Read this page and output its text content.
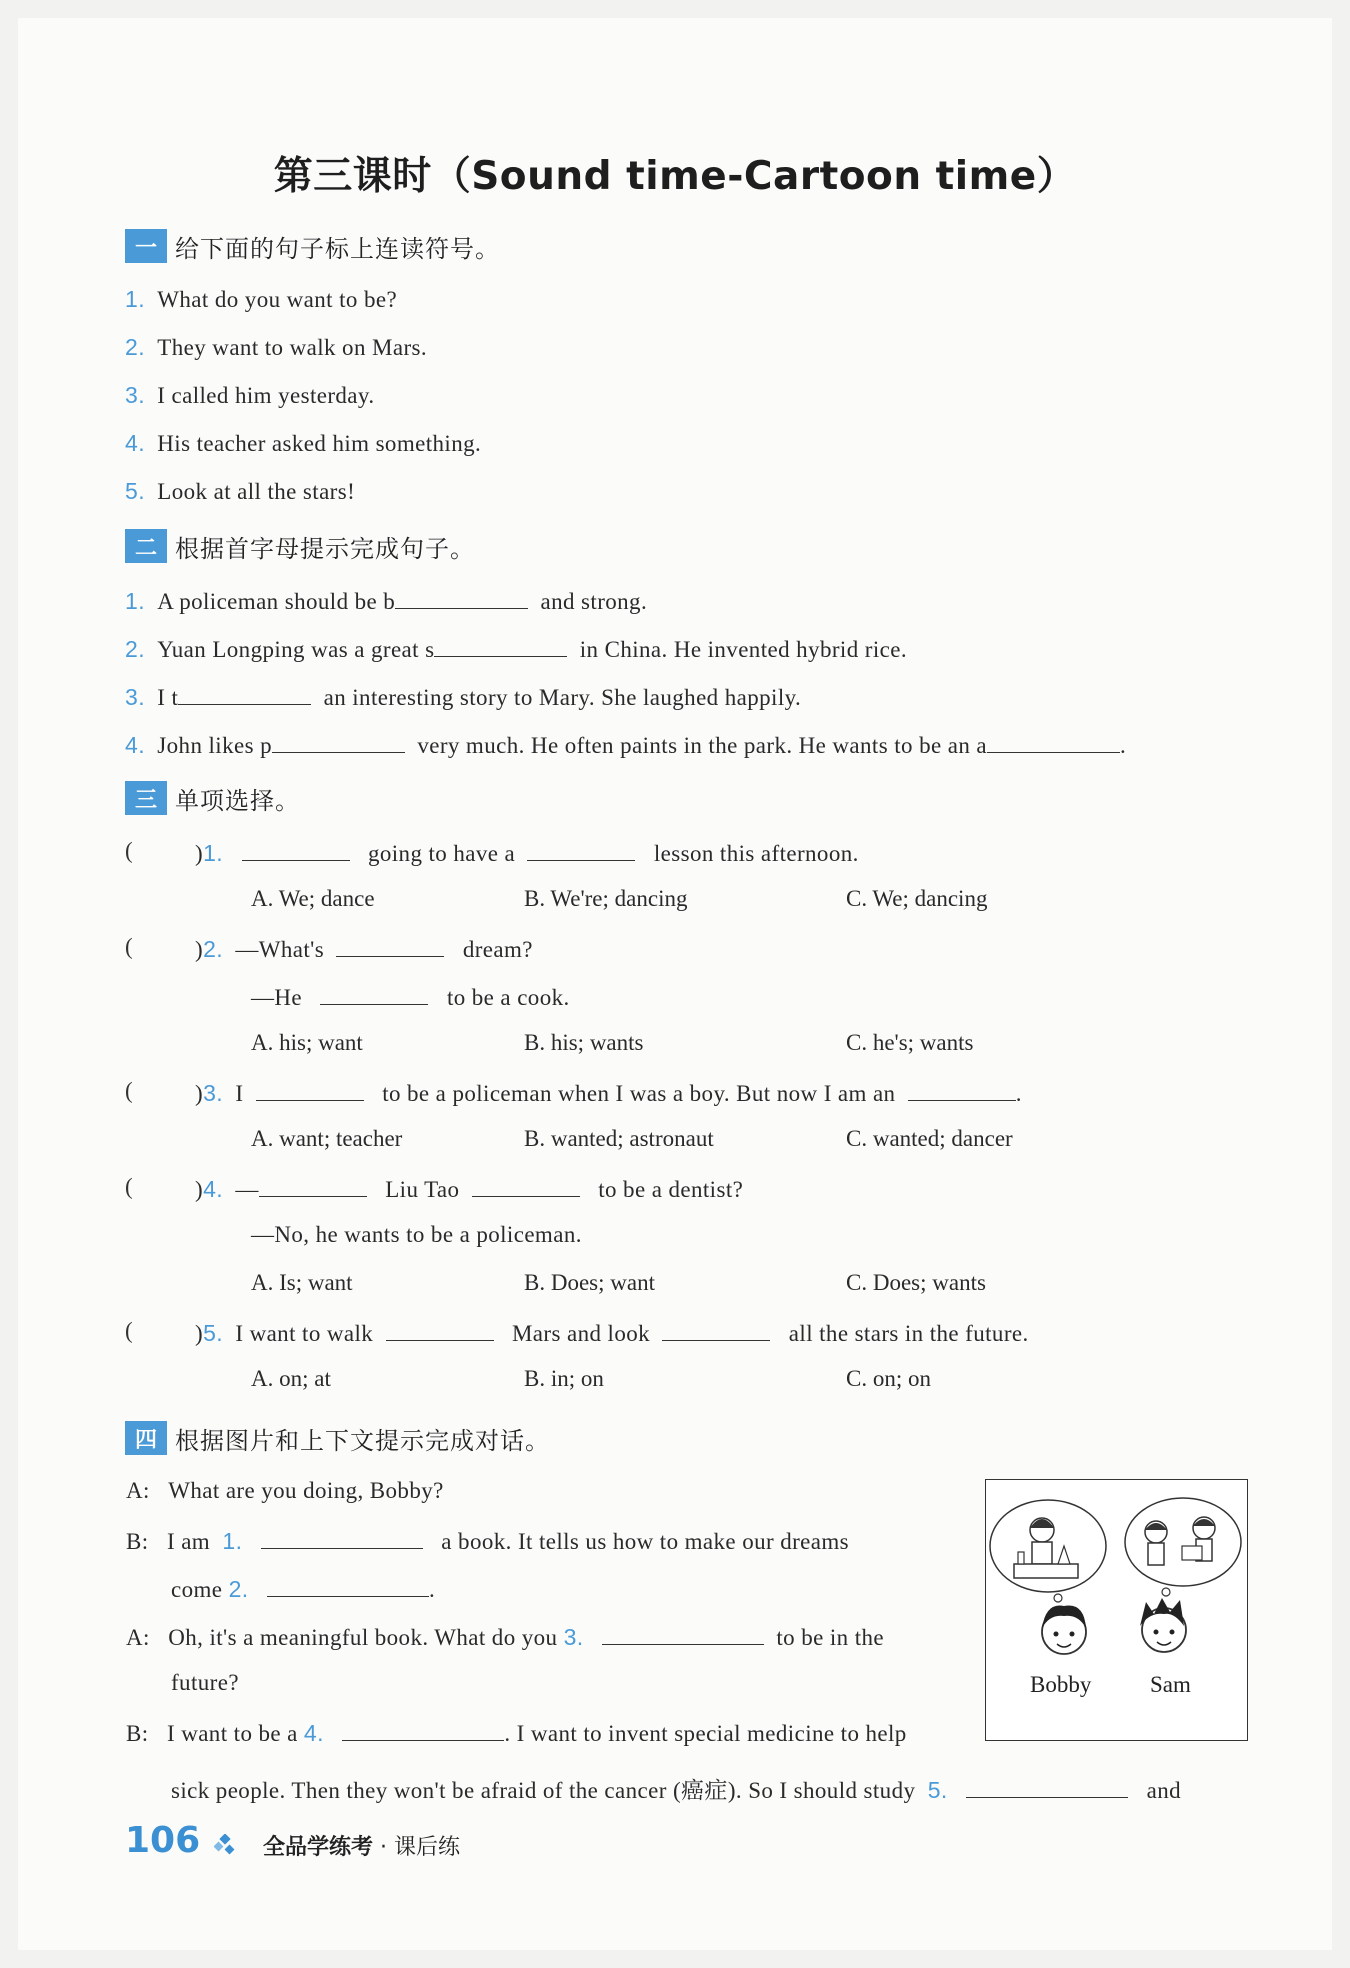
第三课时（Sound time-Cartoon time）
一 给下面的句子标上连读符号。
1. What do you want to be?
2. They want to walk on Mars.
3. I called him yesterday.
4. His teacher asked him something.
5. Look at all the stars!
二 根据首字母提示完成句子。
1. A policeman should be b	and strong.
2. Yuan Longping was a great s	in China. He invented hybrid rice.
3. I t	an interesting story to Mary. She laughed happily.
4. John likes p	very much. He often paints in the park. He wants to be an a	.
三 单项选择。
(	)1.	going to have a	lesson this afternoon.
A. We; dance	B. We're; dancing	C. We; dancing
(	)2. —What's	dream?
—He	to be a cook.
A. his; want	B. his; wants	C. he's; wants
(	)3. I	to be a policeman when I was a boy. But now I am an	.
A. want; teacher	B. wanted; astronaut	C. wanted; dancer
(	)4. —	Liu Tao	to be a dentist?
—No, he wants to be a policeman.
A. Is; want	B. Does; want	C. Does; wants
(	)5. I want to walk	Mars and look	all the stars in the future.
A. on; at	B. in; on	C. on; on
四 根据图片和上下文提示完成对话。
A: What are you doing, Bobby?
B: I am 1.	a book. It tells us how to make our dreams
come 2.	.
A: Oh, it's a meaningful book. What do you 3.	to be in the
future?
B: I want to be a 4.	. I want to invent special medicine to help
sick people. Then they won't be afraid of the cancer (癌症). So I should study 5.	and
Bobby	Sam
106	全品学练考 · 课后练
